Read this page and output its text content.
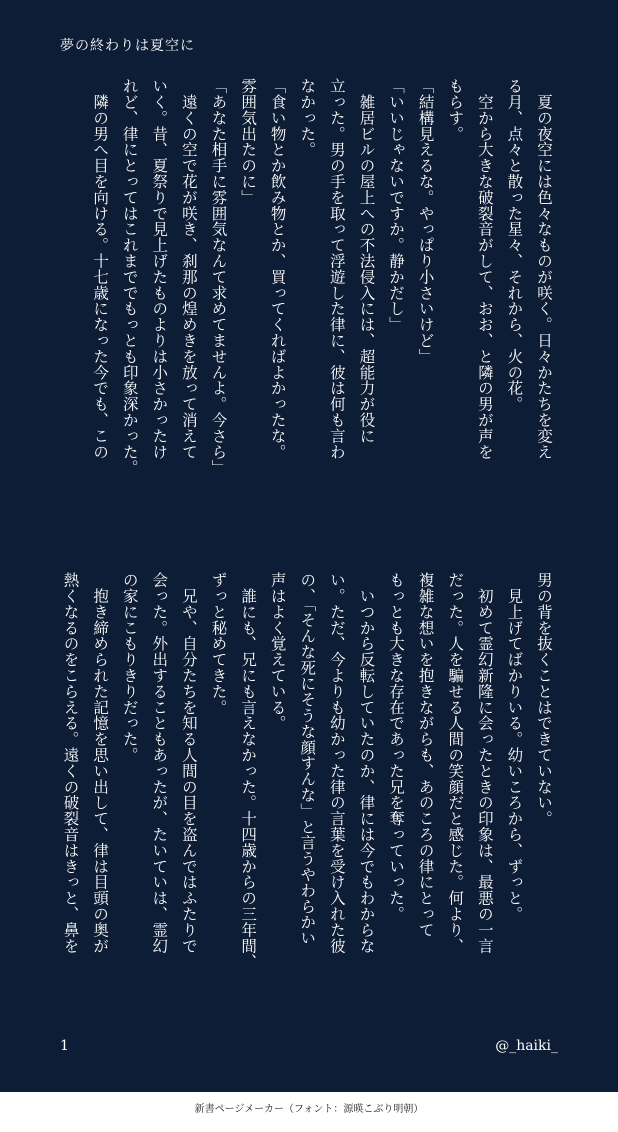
夢の終わりは夏空に
　夏の夜空には色々なものが咲く。日々かたちを変え
る月、点々と散った星々、それから、火の花。
　空から大きな破裂音がして、おお、と隣の男が声を
もらす。
「結構見えるな。やっぱり小さいけど」
「いいじゃないですか。静かだし」
　雑居ビルの屋上への不法侵入には、超能力が役に
立った。男の手を取って浮遊した律に、彼は何も言わ
なかった。
「食い物とか飲み物とか、買ってくればよかったな。
雰囲気出たのに」
「あなた相手に雰囲気なんて求めてませんよ。今さら」
　遠くの空で花が咲き、刹那の煌めきを放って消えて
いく。昔、夏祭りで見上げたものよりは小さかったけ
れど、律にとってはこれまででもっとも印象深かった。
　隣の男へ目を向ける。十七歳になった今でも、この
男の背を抜くことはできていない。
　見上げてばかりいる。幼いころから、ずっと。
　初めて霊幻新隆に会ったときの印象は、最悪の一言
だった。人を騙せる人間の笑顔だと感じた。何より、
複雑な想いを抱きながらも、あのころの律にとって
もっとも大きな存在であった兄を奪っていった。
　いつから反転していたのか、律には今でもわからな
い。ただ、今よりも幼かった律の言葉を受け入れた彼
の、「そんな死にそうな顔すんな」と言うやわらかい
声はよく覚えている。
　誰にも、兄にも言えなかった。十四歳からの三年間、
ずっと秘めてきた。
　兄や、自分たちを知る人間の目を盗んではふたりで
会った。外出することもあったが、たいていは、霊幻
の家にこもりきりだった。
　抱き締められた記憶を思い出して、律は目頭の奥が
熱くなるのをこらえる。遠くの破裂音はきっと、鼻を
1	@_haiki_
新書ページメーカー（フォント：源暎こぶり明朝）
